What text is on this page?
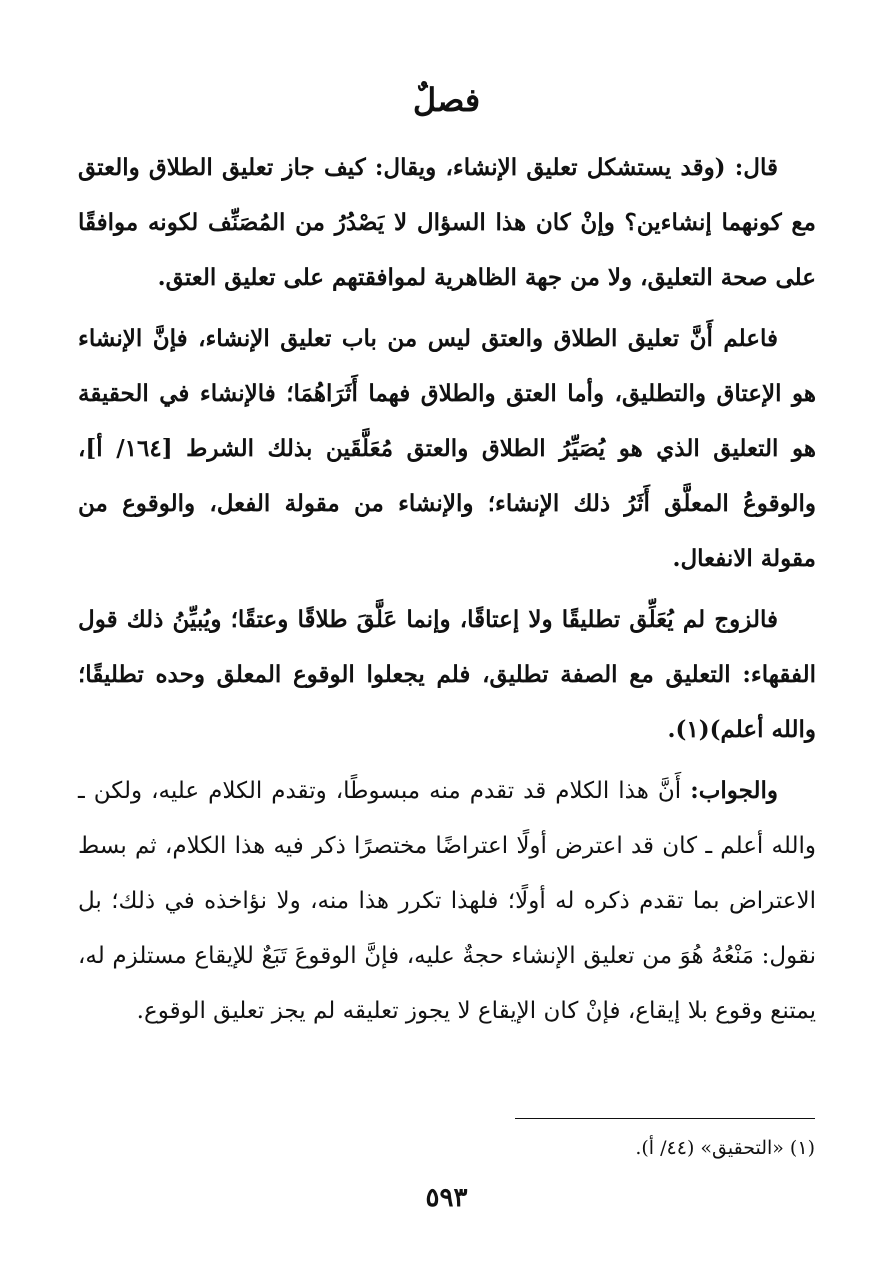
فصلٌ

قال: (وقد يستشكل تعليق الإنشاء، ويقال: كيف جاز تعليق الطلاق والعتق مع كونهما إنشاءين؟ وإنْ كان هذا السؤال لا يَصْدُرُ من المُصَنِّف لكونه موافقًا على صحة التعليق، ولا من جهة الظاهرية لموافقتهم على تعليق العتق.

فاعلم أَنَّ تعليق الطلاق والعتق ليس من باب تعليق الإنشاء، فإنَّ الإنشاء هو الإعتاق والتطليق، وأما العتق والطلاق فهما أَثَرَاهُمَا؛ فالإنشاء في الحقيقة هو التعليق الذي هو يُصَيِّرُ الطلاق والعتق مُعَلَّقَين بذلك الشرط [١٦٤/ أ]، والوقوعُ المعلَّق أَثَرُ ذلك الإنشاء؛ والإنشاء من مقولة الفعل، والوقوع من مقولة الانفعال.

فالزوج لم يُعَلِّق تطليقًا ولا إعتاقًا، وإنما عَلَّقَ طلاقًا وعتقًا؛ ويُبيِّنُ ذلك قول الفقهاء: التعليق مع الصفة تطليق، فلم يجعلوا الوقوع المعلق وحده تطليقًا؛ والله أعلم)(١).

والجواب: أَنَّ هذا الكلام قد تقدم منه مبسوطًا، وتقدم الكلام عليه، ولكن ـ والله أعلم ـ كان قد اعترض أولًا اعتراضًا مختصرًا ذكر فيه هذا الكلام، ثم بسط الاعتراض بما تقدم ذكره له أولًا؛ فلهذا تكرر هذا منه، ولا نؤاخذه في ذلك؛ بل نقول: مَنْعُهُ هُوَ من تعليق الإنشاء حجةٌ عليه، فإنَّ الوقوعَ تَبَعٌ للإيقاع مستلزم له، يمتنع وقوع بلا إيقاع، فإنْ كان الإيقاع لا يجوز تعليقه لم يجز تعليق الوقوع.

(١) «التحقيق» (٤٤/ أ).
٥٩٣
